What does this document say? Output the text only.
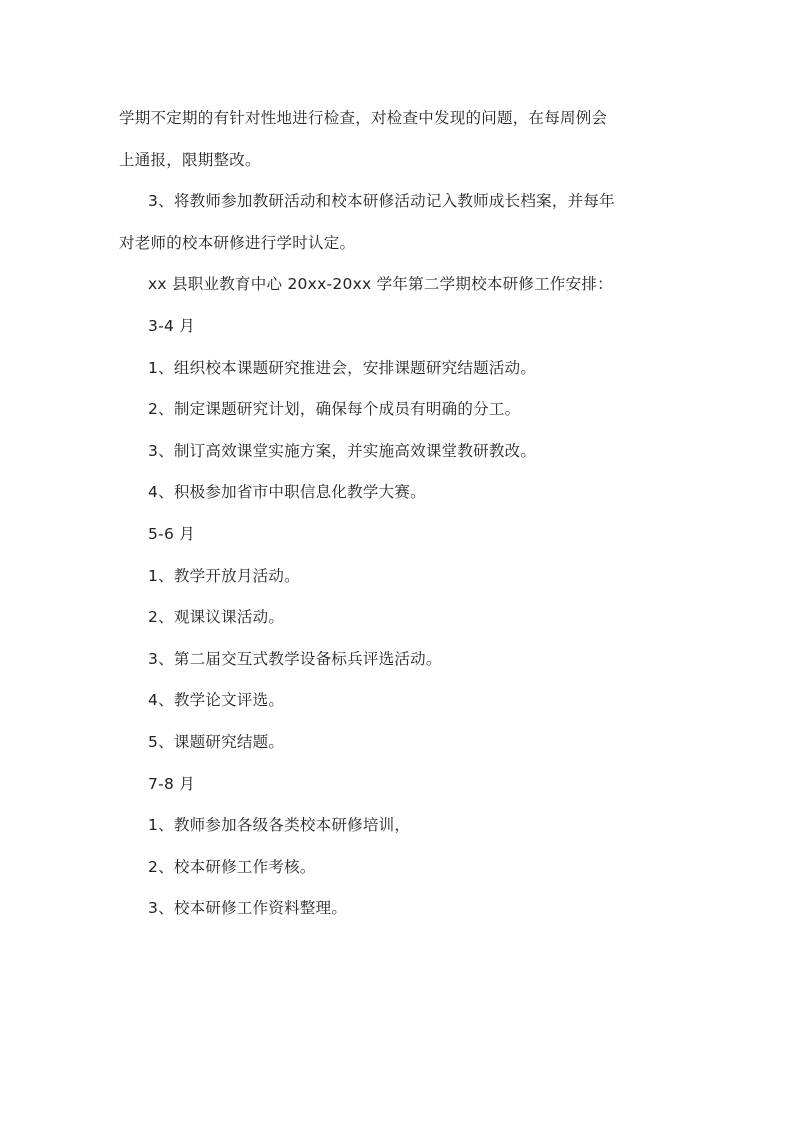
学期不定期的有针对性地进行检查，对检查中发现的问题，在每周例会
上通报，限期整改。
3、将教师参加教研活动和校本研修活动记入教师成长档案，并每年
对老师的校本研修进行学时认定。
xx 县职业教育中心 20xx-20xx 学年第二学期校本研修工作安排：
3-4 月
1、组织校本课题研究推进会，安排课题研究结题活动。
2、制定课题研究计划，确保每个成员有明确的分工。
3、制订高效课堂实施方案，并实施高效课堂教研教改。
4、积极参加省市中职信息化教学大赛。
5-6 月
1、教学开放月活动。
2、观课议课活动。
3、第二届交互式教学设备标兵评选活动。
4、教学论文评选。
5、课题研究结题。
7-8 月
1、教师参加各级各类校本研修培训，
2、校本研修工作考核。
3、校本研修工作资料整理。
